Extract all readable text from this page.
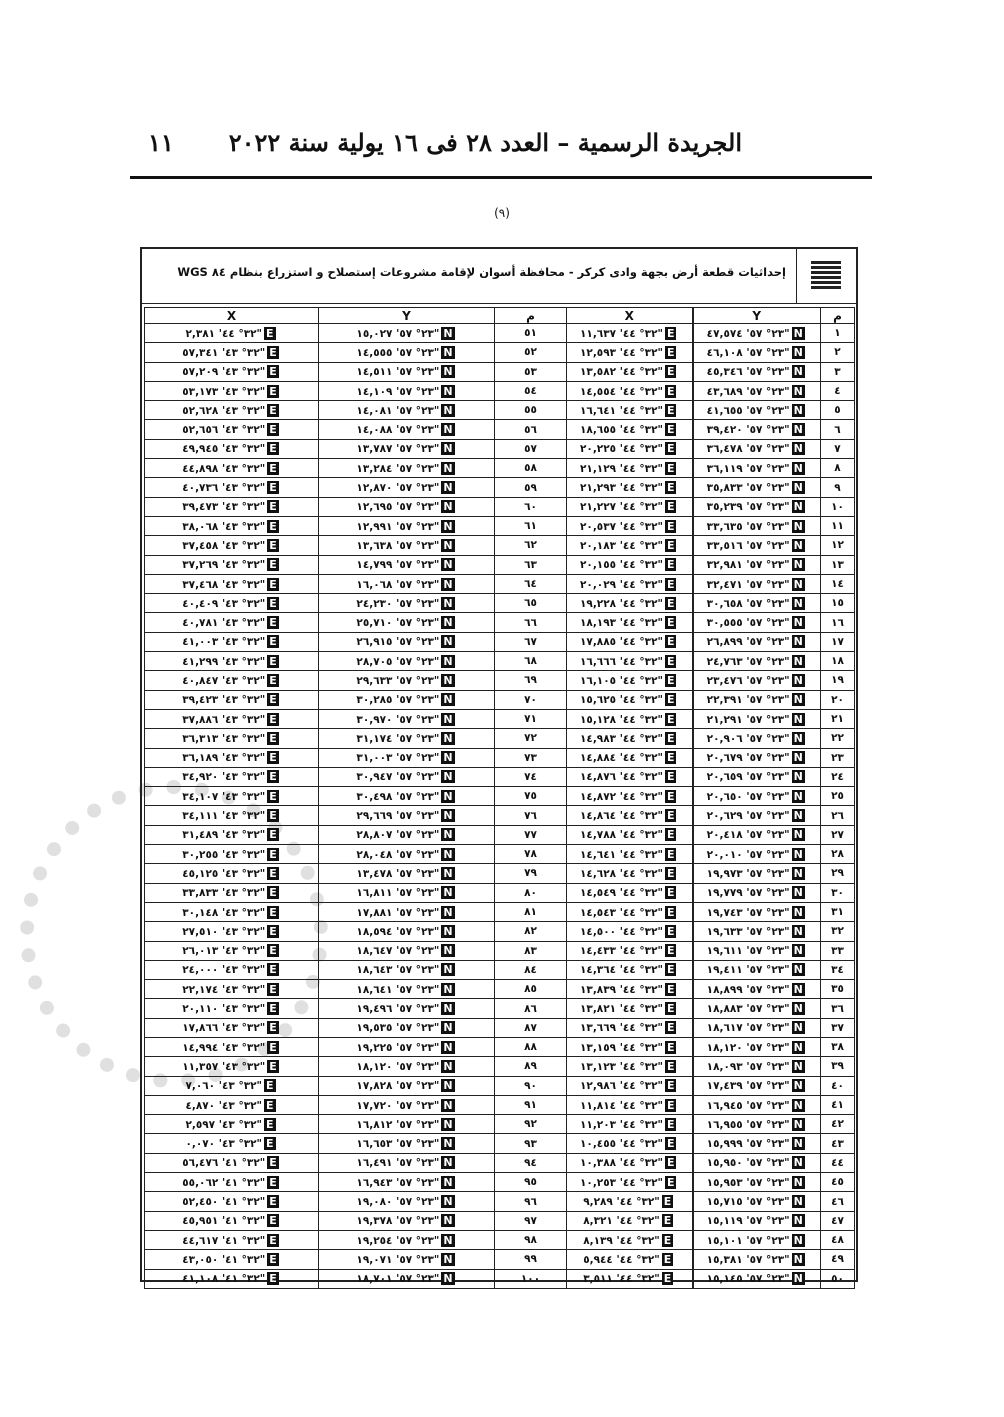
الجريدة الرسمية – العدد ٢٨ فى ١٦ يولية سنة ٢٠٢٢
١١
(٩)
إحداثيات قطعة أرض بجهة وادى كركر - محافظة أسوان لإقامة مشروعات إستصلاح و استزراع بنظام ٨٤ WGS
م	Y	X	م	Y	X
١	N٢٣° ٥٧' ٤٧,٥٧٤"	E٣٢° ٤٤' ١١,٦٣٧"	٥١	N٢٣° ٥٧' ١٥,٠٢٧"	E٣٢° ٤٤' ٢,٣٨١"
٢	N٢٣° ٥٧' ٤٦,١٠٨"	E٣٢° ٤٤' ١٢,٥٩٣"	٥٢	N٢٣° ٥٧' ١٤,٥٥٥"	E٣٢° ٤٣' ٥٧,٣٤١"
٣	N٢٣° ٥٧' ٤٥,٣٤٦"	E٣٢° ٤٤' ١٣,٥٨٢"	٥٣	N٢٣° ٥٧' ١٤,٥١١"	E٣٢° ٤٣' ٥٧,٢٠٩"
٤	N٢٣° ٥٧' ٤٣,٦٨٩"	E٣٢° ٤٤' ١٤,٥٥٤"	٥٤	N٢٣° ٥٧' ١٤,١٠٩"	E٣٢° ٤٣' ٥٣,١٧٣"
٥	N٢٣° ٥٧' ٤١,٦٥٥"	E٣٢° ٤٤' ١٦,٦٤١"	٥٥	N٢٣° ٥٧' ١٤,٠٨١"	E٣٢° ٤٣' ٥٢,٦٢٨"
٦	N٢٣° ٥٧' ٣٩,٤٢٠"	E٣٢° ٤٤' ١٨,٦٥٥"	٥٦	N٢٣° ٥٧' ١٤,٠٨٨"	E٣٢° ٤٣' ٥٢,٦٥٦"
٧	N٢٣° ٥٧' ٣٦,٤٧٨"	E٣٢° ٤٤' ٢٠,٢٢٥"	٥٧	N٢٣° ٥٧' ١٣,٧٨٧"	E٣٢° ٤٣' ٤٩,٩٤٥"
٨	N٢٣° ٥٧' ٣٦,١١٩"	E٣٢° ٤٤' ٢١,١٢٩"	٥٨	N٢٣° ٥٧' ١٣,٢٨٤"	E٣٢° ٤٣' ٤٤,٨٩٨"
٩	N٢٣° ٥٧' ٣٥,٨٣٣"	E٣٢° ٤٤' ٢١,٢٩٣"	٥٩	N٢٣° ٥٧' ١٢,٨٧٠"	E٣٢° ٤٣' ٤٠,٧٣٦"
١٠	N٢٣° ٥٧' ٣٥,٢٣٩"	E٣٢° ٤٤' ٢١,٢٢٧"	٦٠	N٢٣° ٥٧' ١٢,٦٩٥"	E٣٢° ٤٣' ٣٩,٤٧٣"
١١	N٢٣° ٥٧' ٣٣,٦٣٥"	E٣٢° ٤٤' ٢٠,٥٣٧"	٦١	N٢٣° ٥٧' ١٢,٩٩١"	E٣٢° ٤٣' ٣٨,٠٦٨"
١٢	N٢٣° ٥٧' ٣٣,٥١٦"	E٣٢° ٤٤' ٢٠,١٨٣"	٦٢	N٢٣° ٥٧' ١٣,٦٣٨"	E٣٢° ٤٣' ٣٧,٤٥٨"
١٣	N٢٣° ٥٧' ٣٢,٩٨١"	E٣٢° ٤٤' ٢٠,١٥٥"	٦٣	N٢٣° ٥٧' ١٤,٧٩٩"	E٣٢° ٤٣' ٣٧,٢٦٩"
١٤	N٢٣° ٥٧' ٣٢,٤٧١"	E٣٢° ٤٤' ٢٠,٠٢٩"	٦٤	N٢٣° ٥٧' ١٦,٠٦٨"	E٣٢° ٤٣' ٣٧,٤٦٨"
١٥	N٢٣° ٥٧' ٣٠,٦٥٨"	E٣٢° ٤٤' ١٩,٢٢٨"	٦٥	N٢٣° ٥٧' ٢٤,٢٣٠"	E٣٢° ٤٣' ٤٠,٤٠٩"
١٦	N٢٣° ٥٧' ٣٠,٥٥٥"	E٣٢° ٤٤' ١٨,١٩٣"	٦٦	N٢٣° ٥٧' ٢٥,٧١٠"	E٣٢° ٤٣' ٤٠,٧٨١"
١٧	N٢٣° ٥٧' ٢٦,٨٩٩"	E٣٢° ٤٤' ١٧,٨٨٥"	٦٧	N٢٣° ٥٧' ٢٦,٩١٥"	E٣٢° ٤٣' ٤١,٠٠٣"
١٨	N٢٣° ٥٧' ٢٤,٧٦٣"	E٣٢° ٤٤' ١٦,٦٦٦"	٦٨	N٢٣° ٥٧' ٢٨,٧٠٥"	E٣٢° ٤٣' ٤١,٢٩٩"
١٩	N٢٣° ٥٧' ٢٣,٤٧٦"	E٣٢° ٤٤' ١٦,١٠٥"	٦٩	N٢٣° ٥٧' ٢٩,٦٣٣"	E٣٢° ٤٣' ٤٠,٨٤٧"
٢٠	N٢٣° ٥٧' ٢٢,٣٩١"	E٣٢° ٤٤' ١٥,٦٢٥"	٧٠	N٢٣° ٥٧' ٣٠,٢٨٥"	E٣٢° ٤٣' ٣٩,٤٢٣"
٢١	N٢٣° ٥٧' ٢١,٢٩١"	E٣٢° ٤٤' ١٥,١٢٨"	٧١	N٢٣° ٥٧' ٣٠,٩٧٠"	E٣٢° ٤٣' ٣٧,٨٨٦"
٢٢	N٢٣° ٥٧' ٢٠,٩٠٦"	E٣٢° ٤٤' ١٤,٩٨٣"	٧٢	N٢٣° ٥٧' ٣١,١٧٤"	E٣٢° ٤٣' ٣٦,٣١٣"
٢٣	N٢٣° ٥٧' ٢٠,٦٧٩"	E٣٢° ٤٤' ١٤,٨٨٤"	٧٣	N٢٣° ٥٧' ٣١,٠٠٣"	E٣٢° ٤٣' ٣٦,١٨٩"
٢٤	N٢٣° ٥٧' ٢٠,٦٥٩"	E٣٢° ٤٤' ١٤,٨٧٦"	٧٤	N٢٣° ٥٧' ٣٠,٩٤٧"	E٣٢° ٤٣' ٣٤,٩٢٠"
٢٥	N٢٣° ٥٧' ٢٠,٦٥٠"	E٣٢° ٤٤' ١٤,٨٧٢"	٧٥	N٢٣° ٥٧' ٣٠,٤٩٨"	E٣٢° ٤٣' ٣٤,١٠٧"
٢٦	N٢٣° ٥٧' ٢٠,٦٢٩"	E٣٢° ٤٤' ١٤,٨٦٤"	٧٦	N٢٣° ٥٧' ٢٩,٦٦٩"	E٣٢° ٤٣' ٣٤,١١١"
٢٧	N٢٣° ٥٧' ٢٠,٤١٨"	E٣٢° ٤٤' ١٤,٧٨٨"	٧٧	N٢٣° ٥٧' ٢٨,٨٠٧"	E٣٢° ٤٣' ٣١,٤٨٩"
٢٨	N٢٣° ٥٧' ٢٠,٠١٠"	E٣٢° ٤٤' ١٤,٦٤١"	٧٨	N٢٣° ٥٧' ٢٨,٠٤٨"	E٣٢° ٤٣' ٣٠,٢٥٥"
٢٩	N٢٣° ٥٧' ١٩,٩٧٣"	E٣٢° ٤٤' ١٤,٦٢٨"	٧٩	N٢٣° ٥٧' ١٣,٤٧٨"	E٣٢° ٤٣' ٤٥,١٢٥"
٣٠	N٢٣° ٥٧' ١٩,٧٧٩"	E٣٢° ٤٤' ١٤,٥٤٩"	٨٠	N٢٣° ٥٧' ١٦,٨١١"	E٣٢° ٤٣' ٣٣,٨٣٣"
٣١	N٢٣° ٥٧' ١٩,٧٤٣"	E٣٢° ٤٤' ١٤,٥٤٣"	٨١	N٢٣° ٥٧' ١٧,٨٨١"	E٣٢° ٤٣' ٣٠,١٤٨"
٣٢	N٢٣° ٥٧' ١٩,٦٣٣"	E٣٢° ٤٤' ١٤,٥٠٠"	٨٢	N٢٣° ٥٧' ١٨,٥٩٤"	E٣٢° ٤٣' ٢٧,٥١٠"
٣٣	N٢٣° ٥٧' ١٩,٦١١"	E٣٢° ٤٤' ١٤,٤٣٣"	٨٣	N٢٣° ٥٧' ١٨,٦٤٧"	E٣٢° ٤٣' ٢٦,٠١٣"
٣٤	N٢٣° ٥٧' ١٩,٤١١"	E٣٢° ٤٤' ١٤,٣٦٤"	٨٤	N٢٣° ٥٧' ١٨,٦٤٣"	E٣٢° ٤٣' ٢٤,٠٠٠"
٣٥	N٢٣° ٥٧' ١٨,٨٩٩"	E٣٢° ٤٤' ١٣,٨٣٩"	٨٥	N٢٣° ٥٧' ١٨,٦٤١"	E٣٢° ٤٣' ٢٢,١٧٤"
٣٦	N٢٣° ٥٧' ١٨,٨٨٣"	E٣٢° ٤٤' ١٣,٨٢١"	٨٦	N٢٣° ٥٧' ١٩,٤٩٦"	E٣٢° ٤٣' ٢٠,١١٠"
٣٧	N٢٣° ٥٧' ١٨,٦١٧"	E٣٢° ٤٤' ١٣,٦٦٩"	٨٧	N٢٣° ٥٧' ١٩,٥٣٥"	E٣٢° ٤٣' ١٧,٨٦٦"
٣٨	N٢٣° ٥٧' ١٨,١٢٠"	E٣٢° ٤٤' ١٣,١٥٩"	٨٨	N٢٣° ٥٧' ١٩,٢٢٥"	E٣٢° ٤٣' ١٤,٩٩٤"
٣٩	N٢٣° ٥٧' ١٨,٠٩٣"	E٣٢° ٤٤' ١٣,١٢٣"	٨٩	N٢٣° ٥٧' ١٨,١٢٠"	E٣٢° ٤٣' ١١,٣٥٧"
٤٠	N٢٣° ٥٧' ١٧,٤٣٩"	E٣٢° ٤٤' ١٢,٩٨٦"	٩٠	N٢٣° ٥٧' ١٧,٨٢٨"	E٣٢° ٤٣' ٧,٠٦٠"
٤١	N٢٣° ٥٧' ١٦,٩٤٥"	E٣٢° ٤٤' ١١,٨١٤"	٩١	N٢٣° ٥٧' ١٧,٧٢٠"	E٣٢° ٤٣' ٤,٨٧٠"
٤٢	N٢٣° ٥٧' ١٦,٩٥٥"	E٣٢° ٤٤' ١١,٢٠٣"	٩٢	N٢٣° ٥٧' ١٦,٨١٢"	E٣٢° ٤٣' ٢,٥٩٧"
٤٣	N٢٣° ٥٧' ١٥,٩٩٩"	E٣٢° ٤٤' ١٠,٤٥٥"	٩٣	N٢٣° ٥٧' ١٦,٦٥٣"	E٣٢° ٤٣' ٠,٠٧٠"
٤٤	N٢٣° ٥٧' ١٥,٩٥٠"	E٣٢° ٤٤' ١٠,٣٨٨"	٩٤	N٢٣° ٥٧' ١٦,٤٩١"	E٣٢° ٤١' ٥٦,٤٧٦"
٤٥	N٢٣° ٥٧' ١٥,٩٥٣"	E٣٢° ٤٤' ١٠,٢٥٣"	٩٥	N٢٣° ٥٧' ١٦,٩٤٣"	E٣٢° ٤١' ٥٥,٠٦٢"
٤٦	N٢٣° ٥٧' ١٥,٧١٥"	E٣٢° ٤٤' ٩,٢٨٩"	٩٦	N٢٣° ٥٧' ١٩,٠٨٠"	E٣٢° ٤١' ٥٢,٤٥٠"
٤٧	N٢٣° ٥٧' ١٥,١١٩"	E٣٢° ٤٤' ٨,٣٢١"	٩٧	N٢٣° ٥٧' ١٩,٣٧٨"	E٣٢° ٤١' ٤٥,٩٥١"
٤٨	N٢٣° ٥٧' ١٥,١٠١"	E٣٢° ٤٤' ٨,١٣٩"	٩٨	N٢٣° ٥٧' ١٩,٢٥٤"	E٣٢° ٤١' ٤٤,٦١٧"
٤٩	N٢٣° ٥٧' ١٥,٣٨١"	E٣٢° ٤٤' ٥,٩٤٤"	٩٩	N٢٣° ٥٧' ١٩,٠٧١"	E٣٢° ٤١' ٤٣,٠٥٠"
٥٠	N٢٣° ٥٧' ١٥,١٤٥"	E٣٢° ٤٤' ٣,٥١١"	١٠٠	N٢٣° ٥٧' ١٨,٧٠١"	E٣٢° ٤١' ٤١,١٠٨"
